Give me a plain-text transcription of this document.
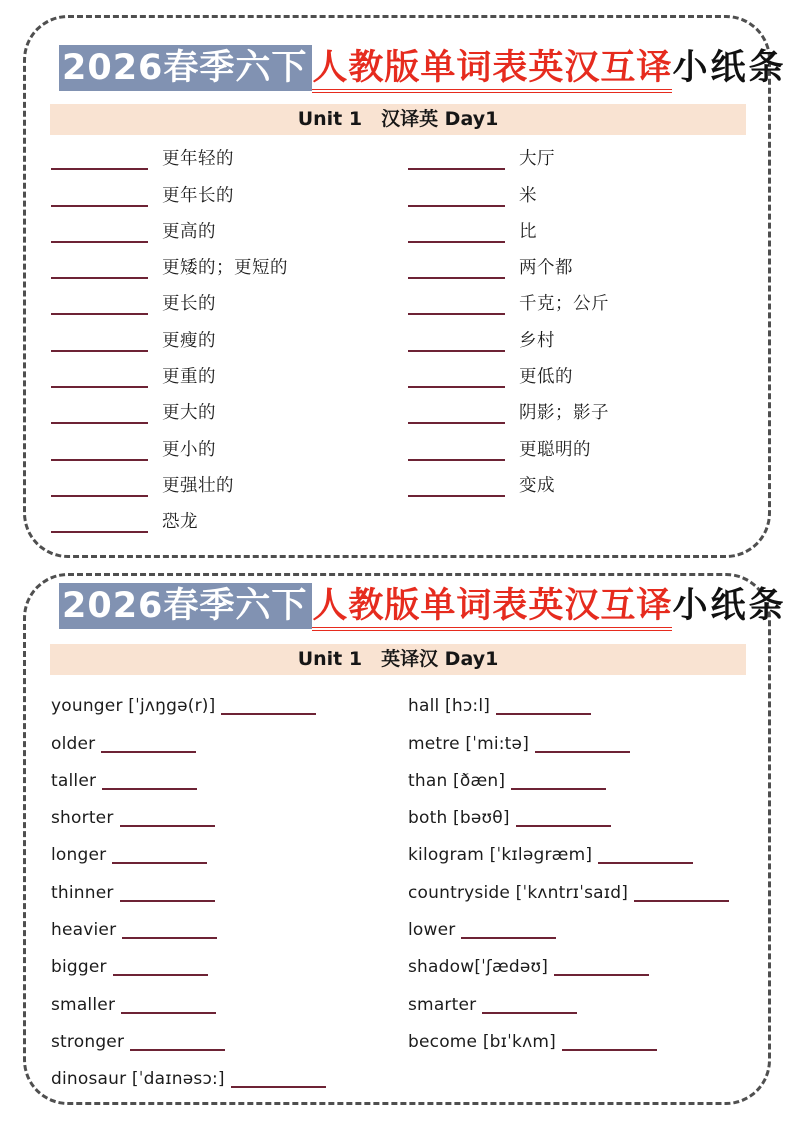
2026春季六下 人教版单词表英汉互译小纸条
Unit 1　汉译英 Day1
更年轻的
更年长的
更高的
更矮的；更短的
更长的
更瘦的
更重的
更大的
更小的
更强壮的
恐龙
大厅
米
比
两个都
千克；公斤
乡村
更低的
阴影；影子
更聪明的
变成
2026春季六下 人教版单词表英汉互译小纸条
Unit 1　英译汉 Day1
younger [ˈjʌŋgə(r)]
older
taller
shorter
longer
thinner
heavier
bigger
smaller
stronger
dinosaur [ˈdaɪnəsɔ:]
hall [hɔ:l]
metre [ˈmi:tə]
than [ðæn]
both [bəʊθ]
kilogram [ˈkɪləgræm]
countryside [ˈkʌntrɪˈsaɪd]
lower
shadow[ˈʃædəʊ]
smarter
become [bɪˈkʌm]
